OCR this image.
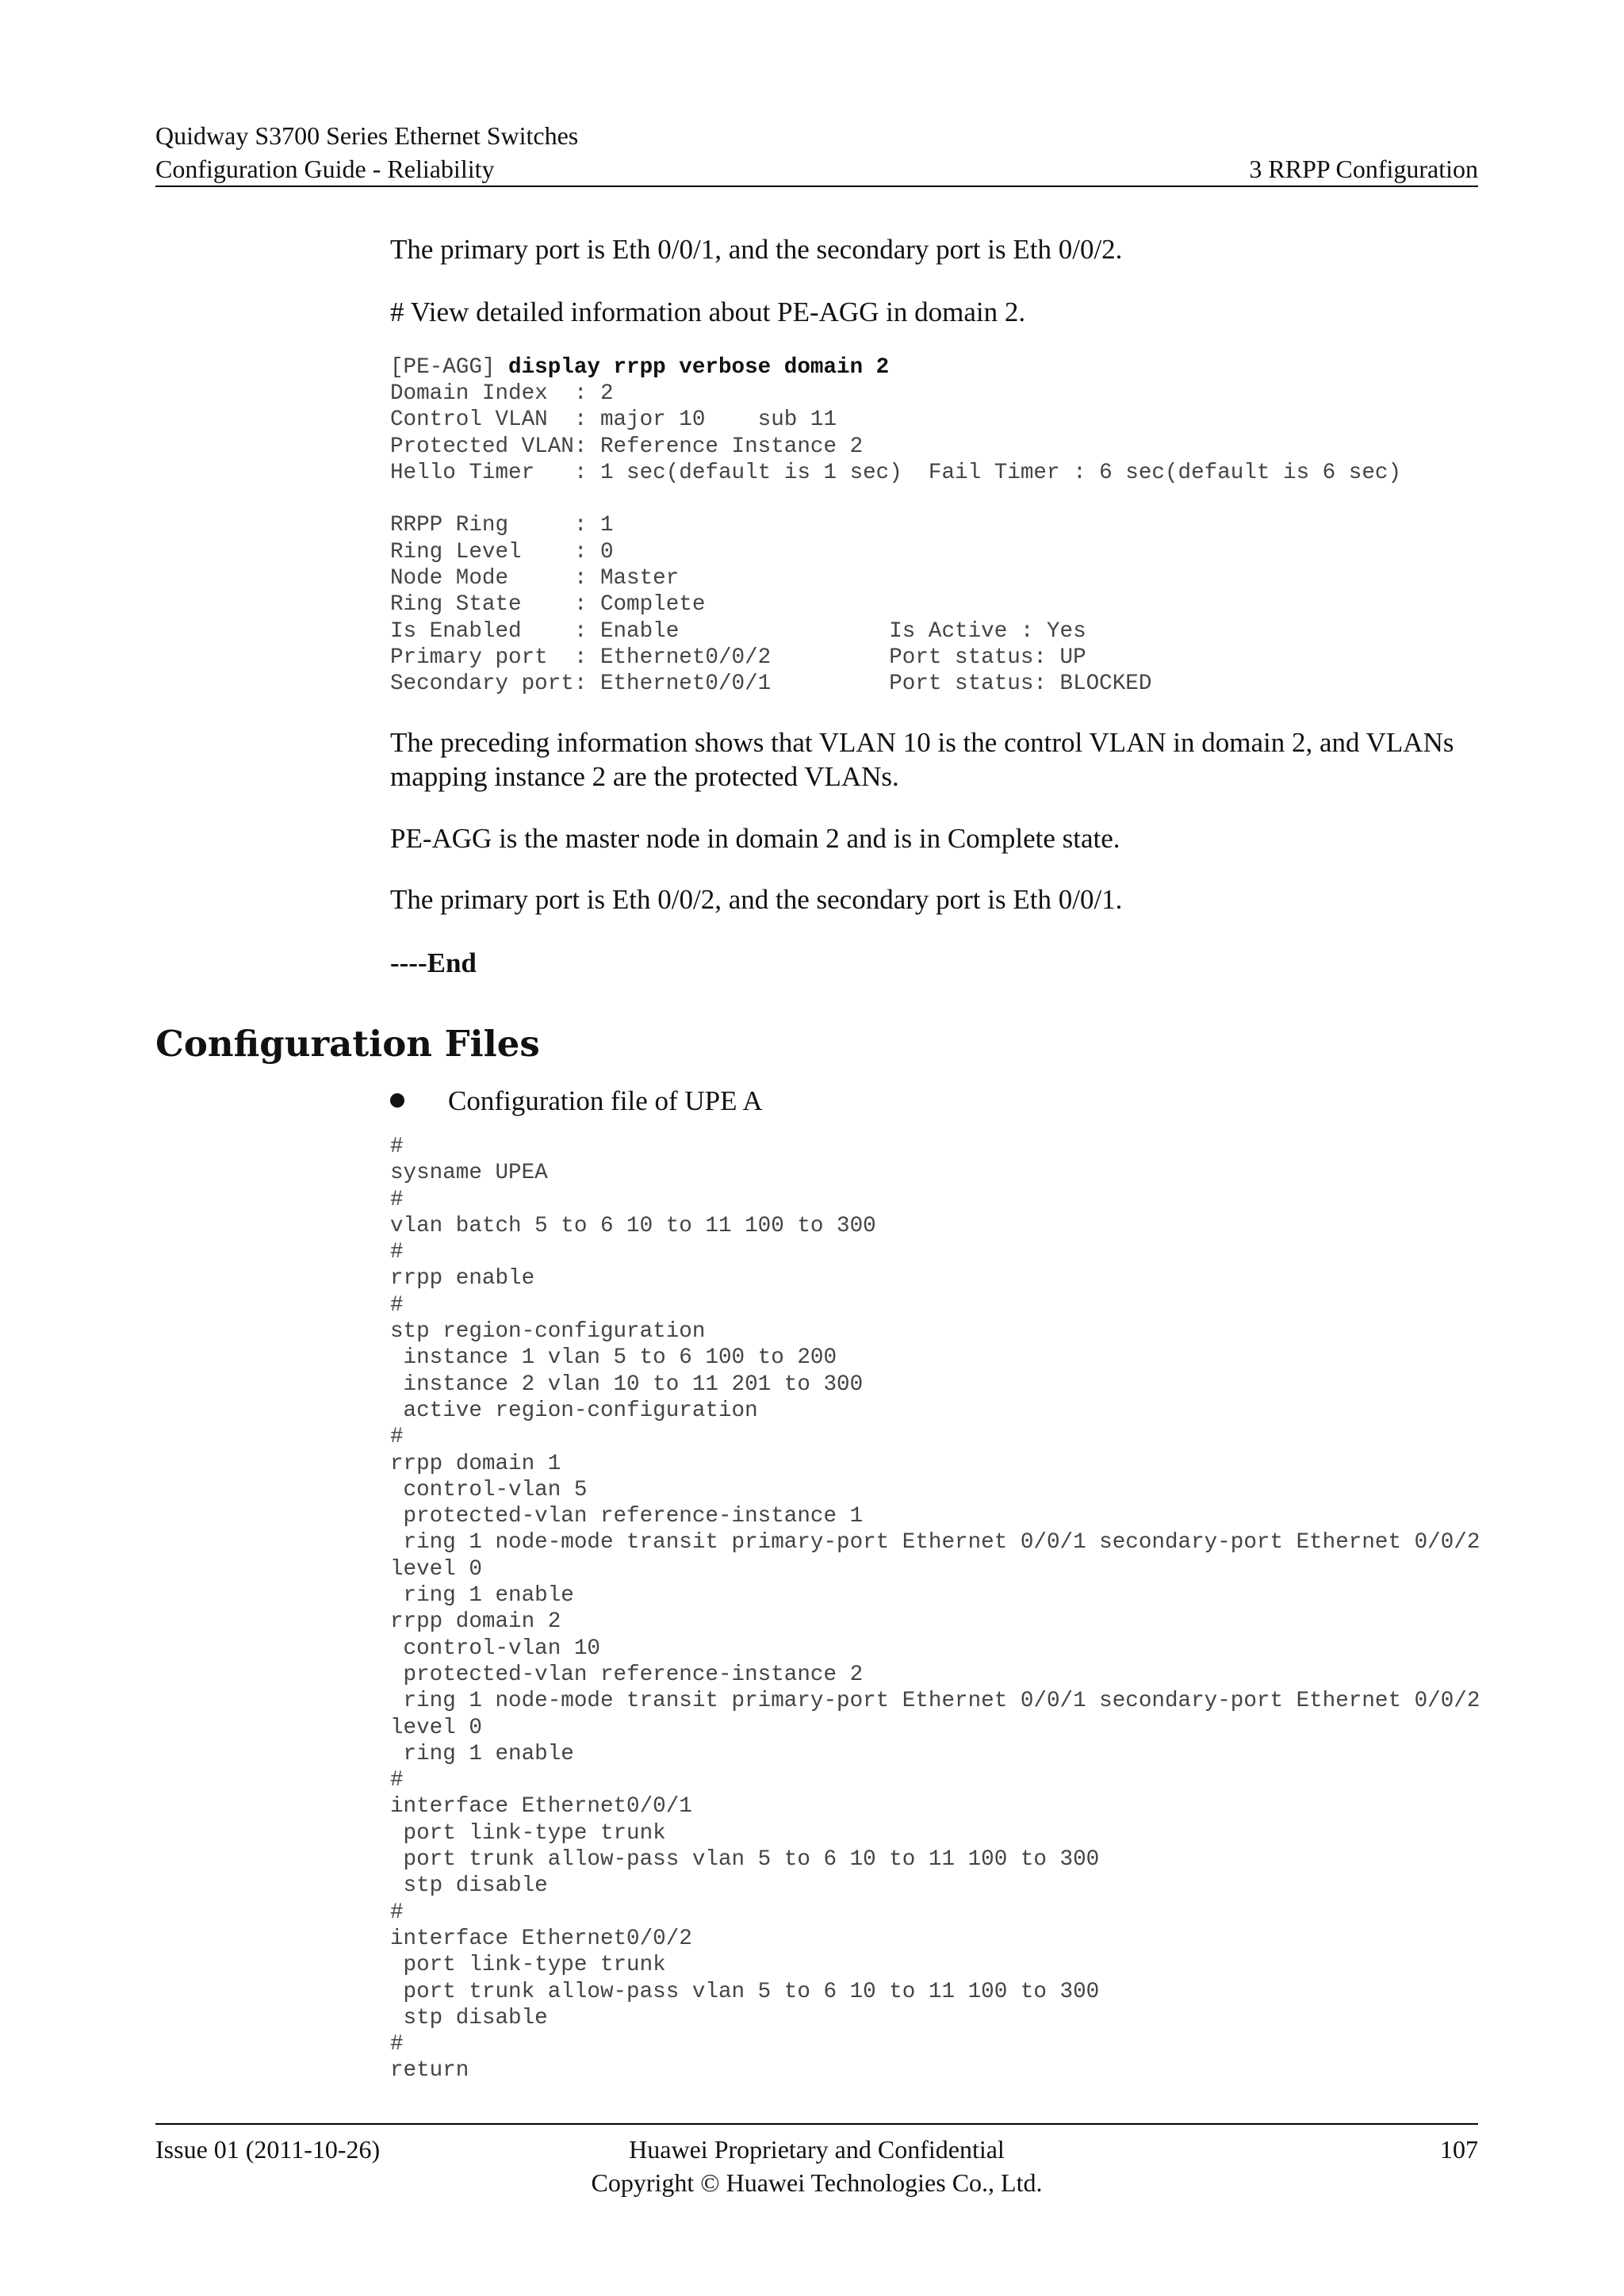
Quidway S3700 Series Ethernet Switches
Configuration Guide - Reliability	3 RRPP Configuration

The primary port is Eth 0/0/1, and the secondary port is Eth 0/0/2.

# View detailed information about PE-AGG in domain 2.

[PE-AGG] display rrpp verbose domain 2
Domain Index  : 2
Control VLAN  : major 10    sub 11
Protected VLAN: Reference Instance 2
Hello Timer   : 1 sec(default is 1 sec)  Fail Timer : 6 sec(default is 6 sec)

RRPP Ring     : 1
Ring Level    : 0
Node Mode     : Master
Ring State    : Complete
Is Enabled    : Enable                Is Active : Yes
Primary port  : Ethernet0/0/2         Port status: UP
Secondary port: Ethernet0/0/1         Port status: BLOCKED

The preceding information shows that VLAN 10 is the control VLAN in domain 2, and VLANs mapping instance 2 are the protected VLANs.

PE-AGG is the master node in domain 2 and is in Complete state.

The primary port is Eth 0/0/2, and the secondary port is Eth 0/0/1.

----End

Configuration Files
Configuration file of UPE A
#
sysname UPEA
#
vlan batch 5 to 6 10 to 11 100 to 300
#
rrpp enable
#
stp region-configuration
instance 1 vlan 5 to 6 100 to 200
instance 2 vlan 10 to 11 201 to 300
active region-configuration
#
rrpp domain 1
control-vlan 5
protected-vlan reference-instance 1
ring 1 node-mode transit primary-port Ethernet 0/0/1 secondary-port Ethernet 0/0/2
level 0
ring 1 enable
rrpp domain 2
control-vlan 10
protected-vlan reference-instance 2
ring 1 node-mode transit primary-port Ethernet 0/0/1 secondary-port Ethernet 0/0/2
level 0
ring 1 enable
#
interface Ethernet0/0/1
port link-type trunk
port trunk allow-pass vlan 5 to 6 10 to 11 100 to 300
stp disable
#
interface Ethernet0/0/2
port link-type trunk
port trunk allow-pass vlan 5 to 6 10 to 11 100 to 300
stp disable
#
return
Issue 01 (2011-10-26)	Huawei Proprietary and Confidential
Copyright © Huawei Technologies Co., Ltd.
107
